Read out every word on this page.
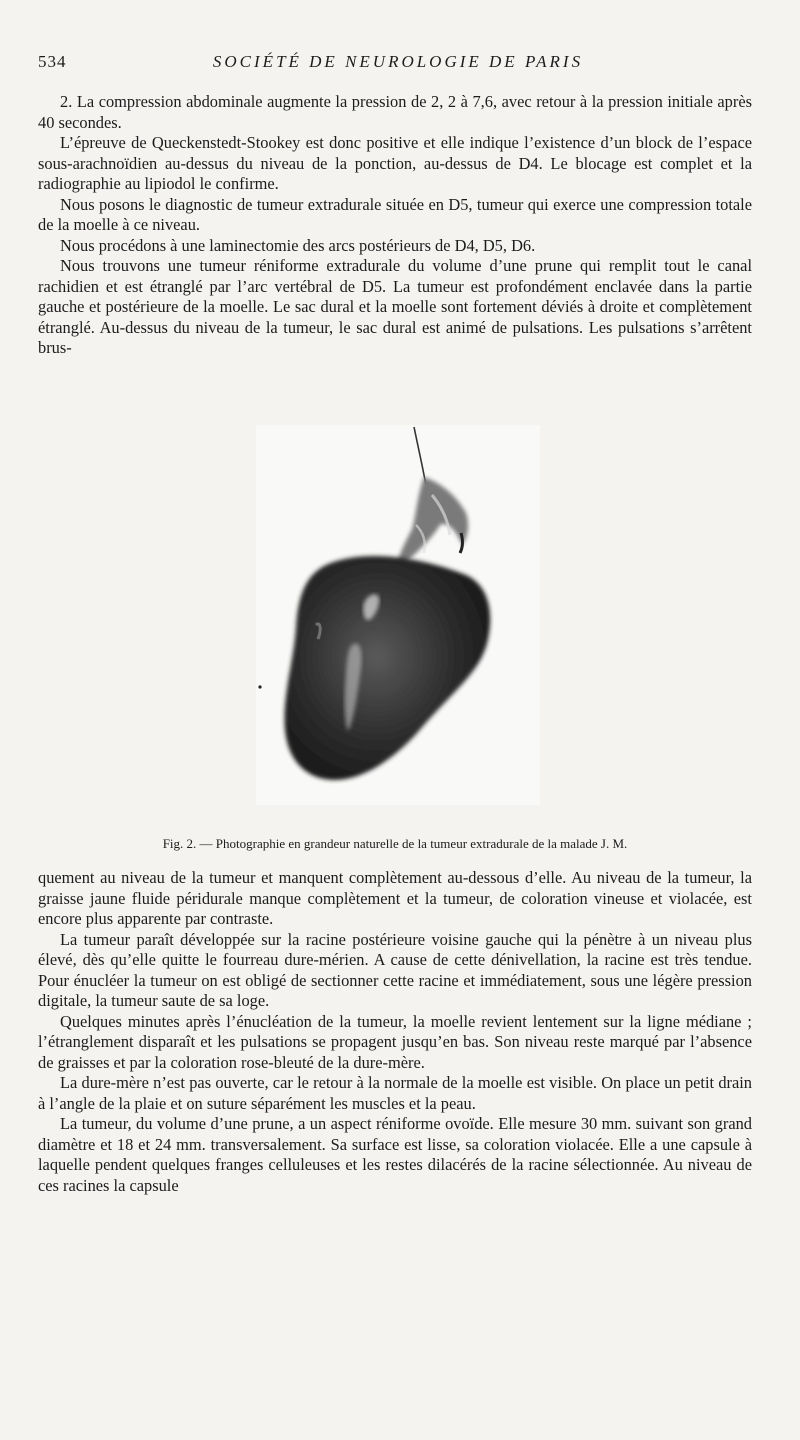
534	SOCIÉTÉ DE NEUROLOGIE DE PARIS

2. La compression abdominale augmente la pression de 2, 2 à 7,6, avec retour à la pression initiale après 40 secondes.

L’épreuve de Queckenstedt-Stookey est donc positive et elle indique l’existence d’un block de l’espace sous-arachnoïdien au-dessus du niveau de la ponction, au-dessus de D4. Le blocage est complet et la radiographie au lipiodol le confirme.

Nous posons le diagnostic de tumeur extradurale située en D5, tumeur qui exerce une compression totale de la moelle à ce niveau.

Nous procédons à une laminectomie des arcs postérieurs de D4, D5, D6.

Nous trouvons une tumeur réniforme extradurale du volume d’une prune qui remplit tout le canal rachidien et est étranglé par l’arc vertébral de D5. La tumeur est profondément enclavée dans la partie gauche et postérieure de la moelle. Le sac dural et la moelle sont fortement déviés à droite et complètement étranglé. Au-dessus du niveau de la tumeur, le sac dural est animé de pulsations. Les pulsations s’arrêtent brus-

Fig. 2. — Photographie en grandeur naturelle de la tumeur extradurale de la malade J. M.

quement au niveau de la tumeur et manquent complètement au-dessous d’elle. Au niveau de la tumeur, la graisse jaune fluide péridurale manque complètement et la tumeur, de coloration vineuse et violacée, est encore plus apparente par contraste.

La tumeur paraît développée sur la racine postérieure voisine gauche qui la pénètre à un niveau plus élevé, dès qu’elle quitte le fourreau dure-mérien. A cause de cette dénivellation, la racine est très tendue. Pour énucléer la tumeur on est obligé de sectionner cette racine et immédiatement, sous une légère pression digitale, la tumeur saute de sa loge.

Quelques minutes après l’énucléation de la tumeur, la moelle revient lentement sur la ligne médiane ; l’étranglement disparaît et les pulsations se propagent jusqu’en bas. Son niveau reste marqué par l’absence de graisses et par la coloration rose-bleuté de la dure-mère.

La dure-mère n’est pas ouverte, car le retour à la normale de la moelle est visible. On place un petit drain à l’angle de la plaie et on suture séparément les muscles et la peau.

La tumeur, du volume d’une prune, a un aspect réniforme ovoïde. Elle mesure 30 mm. suivant son grand diamètre et 18 et 24 mm. transversalement. Sa surface est lisse, sa coloration violacée. Elle a une capsule à laquelle pendent quelques franges celluleuses et les restes dilacérés de la racine sélectionnée. Au niveau de ces racines la capsule
